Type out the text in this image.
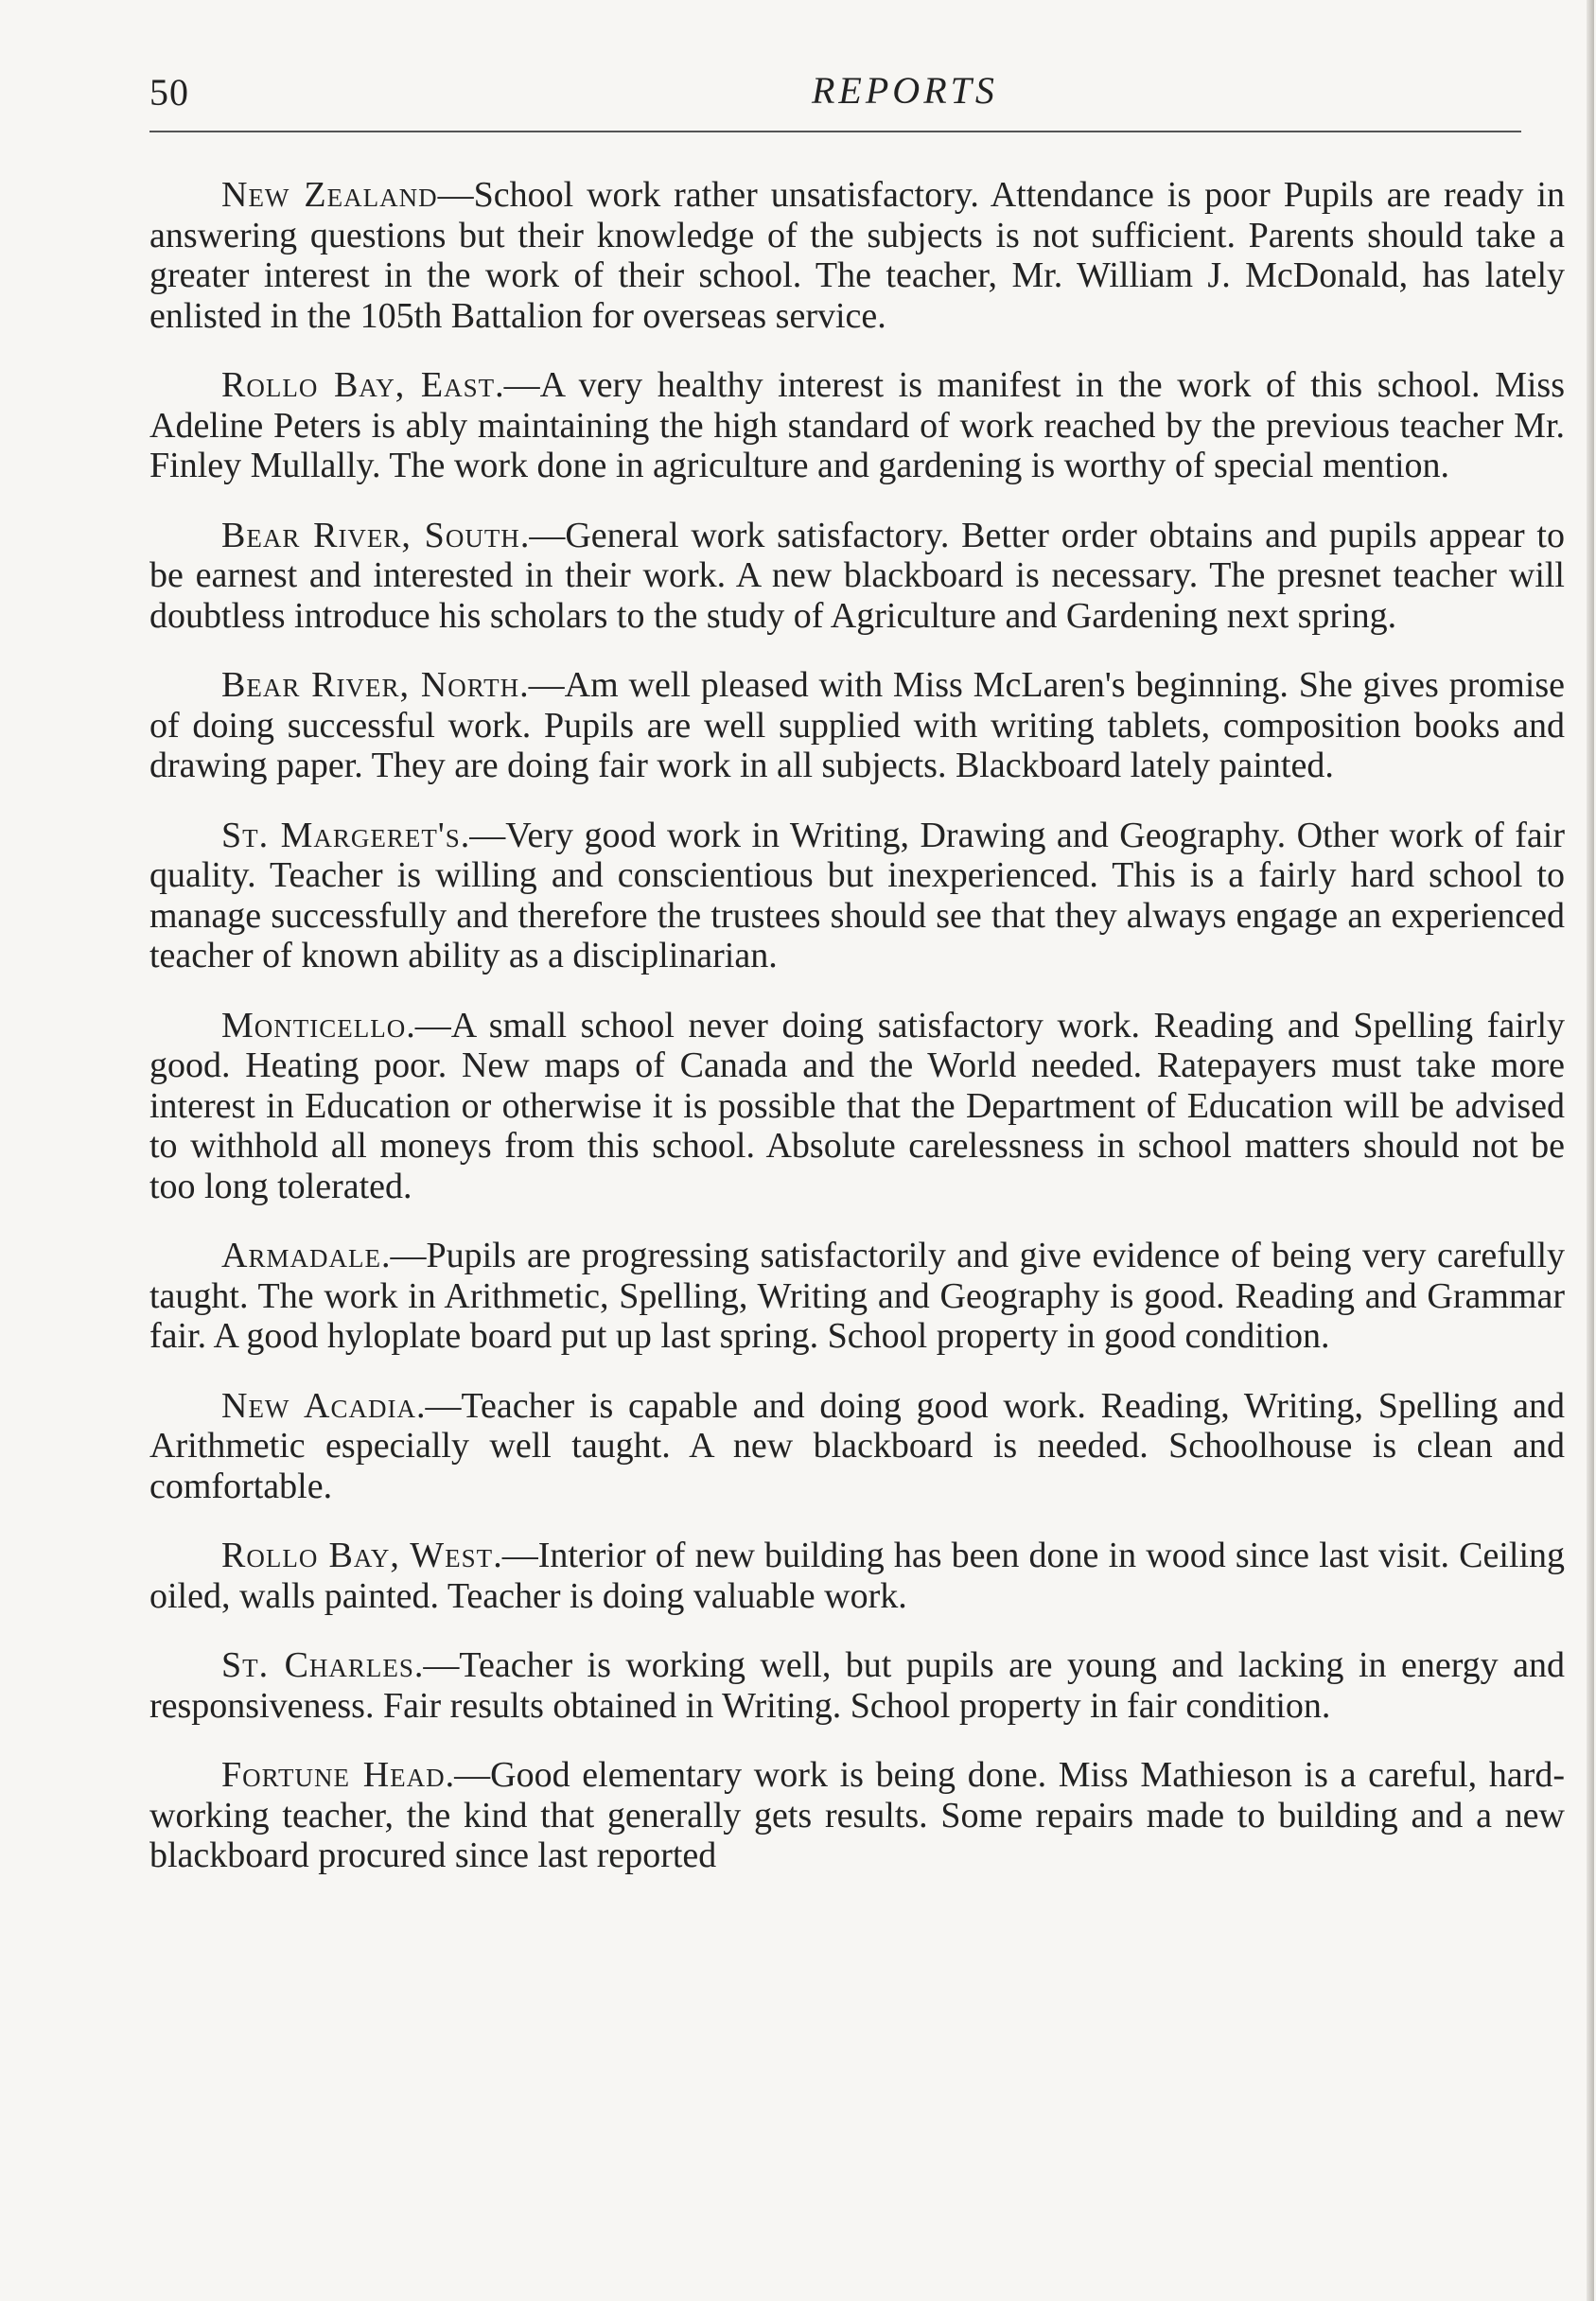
50	REPORTS

New Zealand—School work rather unsatisfactory. Attendance is poor Pupils are ready in answering questions but their knowledge of the subjects is not sufficient. Parents should take a greater interest in the work of their school. The teacher, Mr. William J. McDonald, has lately enlisted in the 105th Battalion for overseas service.

Rollo Bay, East.—A very healthy interest is manifest in the work of this school. Miss Adeline Peters is ably maintaining the high standard of work reached by the previous teacher Mr. Finley Mullally. The work done in agriculture and gardening is worthy of special mention.

Bear River, South.—General work satisfactory. Better order obtains and pupils appear to be earnest and interested in their work. A new blackboard is necessary. The presnet teacher will doubtless introduce his scholars to the study of Agriculture and Gardening next spring.

Bear River, North.—Am well pleased with Miss McLaren's beginning. She gives promise of doing successful work. Pupils are well supplied with writing tablets, composition books and drawing paper. They are doing fair work in all subjects. Blackboard lately painted.

St. Margeret's.—Very good work in Writing, Drawing and Geography. Other work of fair quality. Teacher is willing and conscientious but inexperienced. This is a fairly hard school to manage successfully and therefore the trustees should see that they always engage an experienced teacher of known ability as a disciplinarian.

Monticello.—A small school never doing satisfactory work. Reading and Spelling fairly good. Heating poor. New maps of Canada and the World needed. Ratepayers must take more interest in Education or otherwise it is possible that the Department of Education will be advised to withhold all moneys from this school. Absolute carelessness in school matters should not be too long tolerated.

Armadale.—Pupils are progressing satisfactorily and give evidence of being very carefully taught. The work in Arithmetic, Spelling, Writing and Geography is good. Reading and Grammar fair. A good hyloplate board put up last spring. School property in good condition.

New Acadia.—Teacher is capable and doing good work. Reading, Writing, Spelling and Arithmetic especially well taught. A new blackboard is needed. Schoolhouse is clean and comfortable.

Rollo Bay, West.—Interior of new building has been done in wood since last visit. Ceiling oiled, walls painted. Teacher is doing valuable work.

St. Charles.—Teacher is working well, but pupils are young and lacking in energy and responsiveness. Fair results obtained in Writing. School property in fair condition.

Fortune Head.—Good elementary work is being done. Miss Mathieson is a careful, hard-working teacher, the kind that generally gets results. Some repairs made to building and a new blackboard procured since last reported
